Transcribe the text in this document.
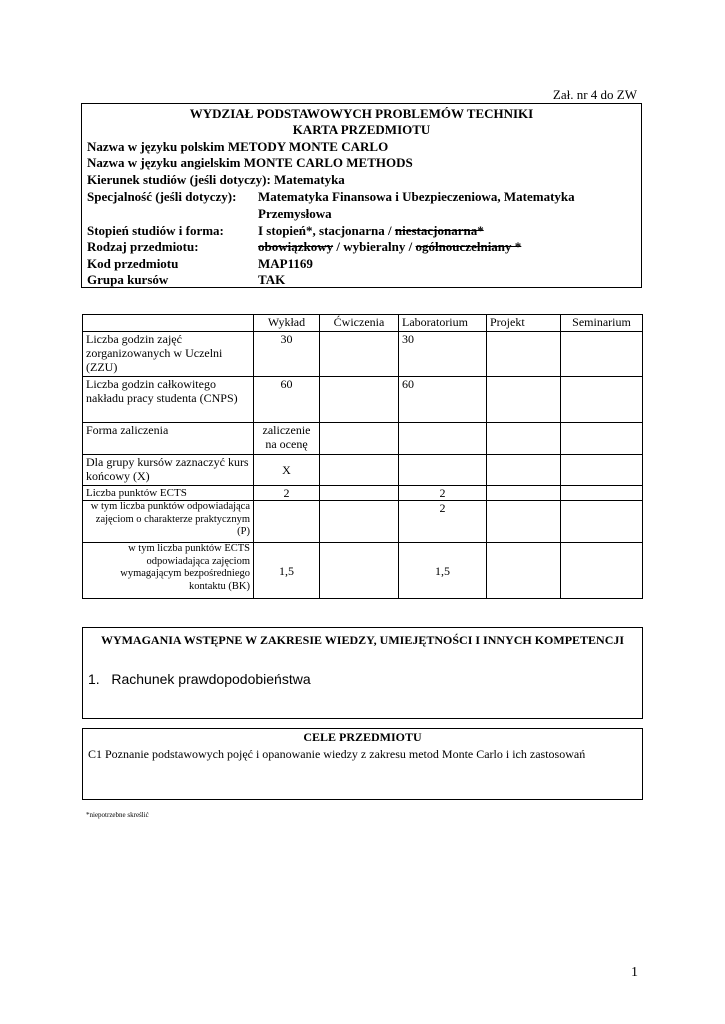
Zał. nr 4 do ZW
WYDZIAŁ PODSTAWOWYCH PROBLEMÓW TECHNIKI
KARTA PRZEDMIOTU
Nazwa w języku polskim METODY MONTE CARLO
Nazwa w języku angielskim MONTE CARLO METHODS
Kierunek studiów (jeśli dotyczy): Matematyka
Specjalność (jeśli dotyczy): Matematyka Finansowa i Ubezpieczeniowa, Matematyka
Przemysłowa
Stopień studiów i forma:	I stopień*, stacjonarna / niestacjonarna*
Rodzaj przedmiotu:	obowiązkowy / wybieralny / ogólnouczelniany *
Kod przedmiotu	MAP1169
Grupa kursów	TAK
	Wykład	Ćwiczenia	Laboratorium	Projekt	Seminarium
Liczba godzin zajęć zorganizowanych w Uczelni (ZZU)	30		30		
Liczba godzin całkowitego nakładu pracy studenta (CNPS)	60		60		
Forma zaliczenia	zaliczenie na ocenę				
Dla grupy kursów zaznaczyć kurs końcowy (X)	X				
Liczba punktów ECTS	2		2		
w tym liczba punktów odpowiadająca zajęciom o charakterze praktycznym (P)			2		
w tym liczba punktów ECTS odpowiadająca zajęciom wymagającym bezpośredniego kontaktu (BK)	1,5		1,5		
WYMAGANIA WSTĘPNE W ZAKRESIE WIEDZY, UMIEJĘTNOŚCI I INNYCH KOMPETENCJI
1. Rachunek prawdopodobieństwa
CELE PRZEDMIOTU
C1 Poznanie podstawowych pojęć i opanowanie wiedzy z zakresu metod Monte Carlo i ich zastosowań
*niepotrzebne skreślić
1
